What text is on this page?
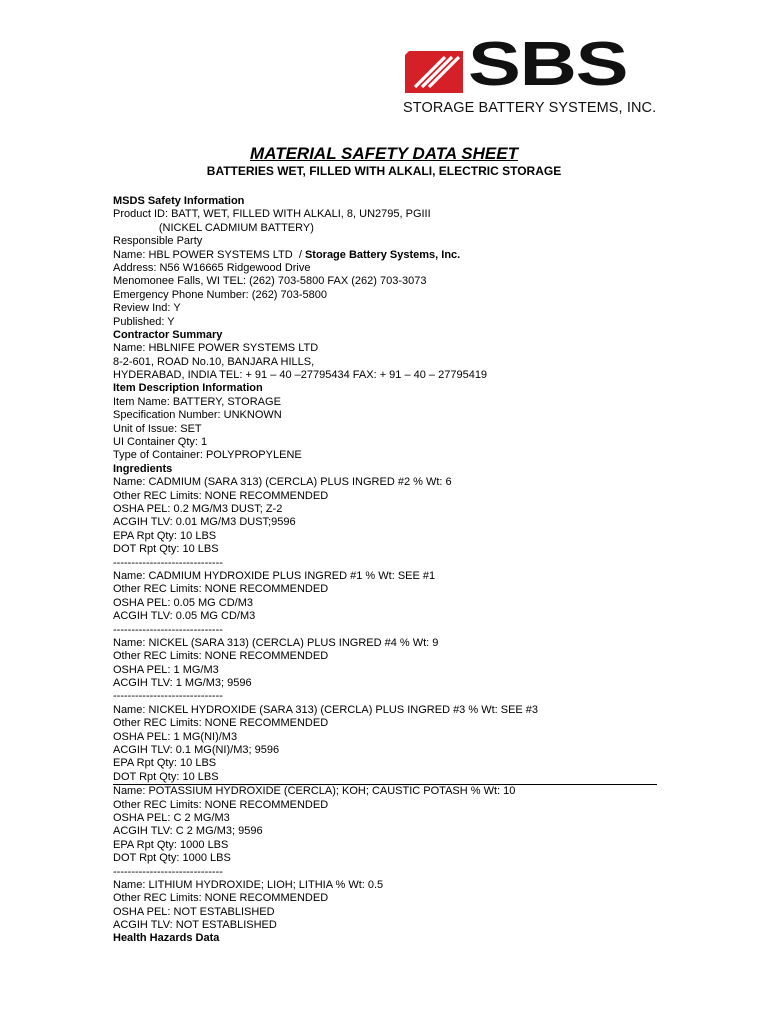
SBS
STORAGE BATTERY SYSTEMS, INC.
MATERIAL SAFETY DATA SHEET
BATTERIES WET, FILLED WITH ALKALI, ELECTRIC STORAGE
MSDS Safety Information
Product ID: BATT, WET, FILLED WITH ALKALI, 8, UN2795, PGIII
(NICKEL CADMIUM BATTERY)
Responsible Party
Name: HBL POWER SYSTEMS LTD  / Storage Battery Systems, Inc.
Address: N56 W16665 Ridgewood Drive
Menomonee Falls, WI TEL: (262) 703-5800 FAX (262) 703-3073
Emergency Phone Number: (262) 703-5800
Review Ind: Y
Published: Y
Contractor Summary
Name: HBLNIFE POWER SYSTEMS LTD
8-2-601, ROAD No.10, BANJARA HILLS,
HYDERABAD, INDIA TEL: + 91 – 40 –27795434 FAX: + 91 – 40 – 27795419
Item Description Information
Item Name: BATTERY, STORAGE
Specification Number: UNKNOWN
Unit of Issue: SET
UI Container Qty: 1
Type of Container: POLYPROPYLENE
Ingredients
Name: CADMIUM (SARA 313) (CERCLA) PLUS INGRED #2 % Wt: 6
Other REC Limits: NONE RECOMMENDED
OSHA PEL: 0.2 MG/M3 DUST; Z-2
ACGIH TLV: 0.01 MG/M3 DUST;9596
EPA Rpt Qty: 10 LBS
DOT Rpt Qty: 10 LBS
------------------------------
Name: CADMIUM HYDROXIDE PLUS INGRED #1 % Wt: SEE #1
Other REC Limits: NONE RECOMMENDED
OSHA PEL: 0.05 MG CD/M3
ACGIH TLV: 0.05 MG CD/M3
------------------------------
Name: NICKEL (SARA 313) (CERCLA) PLUS INGRED #4 % Wt: 9
Other REC Limits: NONE RECOMMENDED
OSHA PEL: 1 MG/M3
ACGIH TLV: 1 MG/M3; 9596
------------------------------
Name: NICKEL HYDROXIDE (SARA 313) (CERCLA) PLUS INGRED #3 % Wt: SEE #3
Other REC Limits: NONE RECOMMENDED
OSHA PEL: 1 MG(NI)/M3
ACGIH TLV: 0.1 MG(NI)/M3; 9596
EPA Rpt Qty: 10 LBS
DOT Rpt Qty: 10 LBS
Name: POTASSIUM HYDROXIDE (CERCLA); KOH; CAUSTIC POTASH % Wt: 10
Other REC Limits: NONE RECOMMENDED
OSHA PEL: C 2 MG/M3
ACGIH TLV: C 2 MG/M3; 9596
EPA Rpt Qty: 1000 LBS
DOT Rpt Qty: 1000 LBS
------------------------------
Name: LITHIUM HYDROXIDE; LIOH; LITHIA % Wt: 0.5
Other REC Limits: NONE RECOMMENDED
OSHA PEL: NOT ESTABLISHED
ACGIH TLV: NOT ESTABLISHED
Health Hazards Data
